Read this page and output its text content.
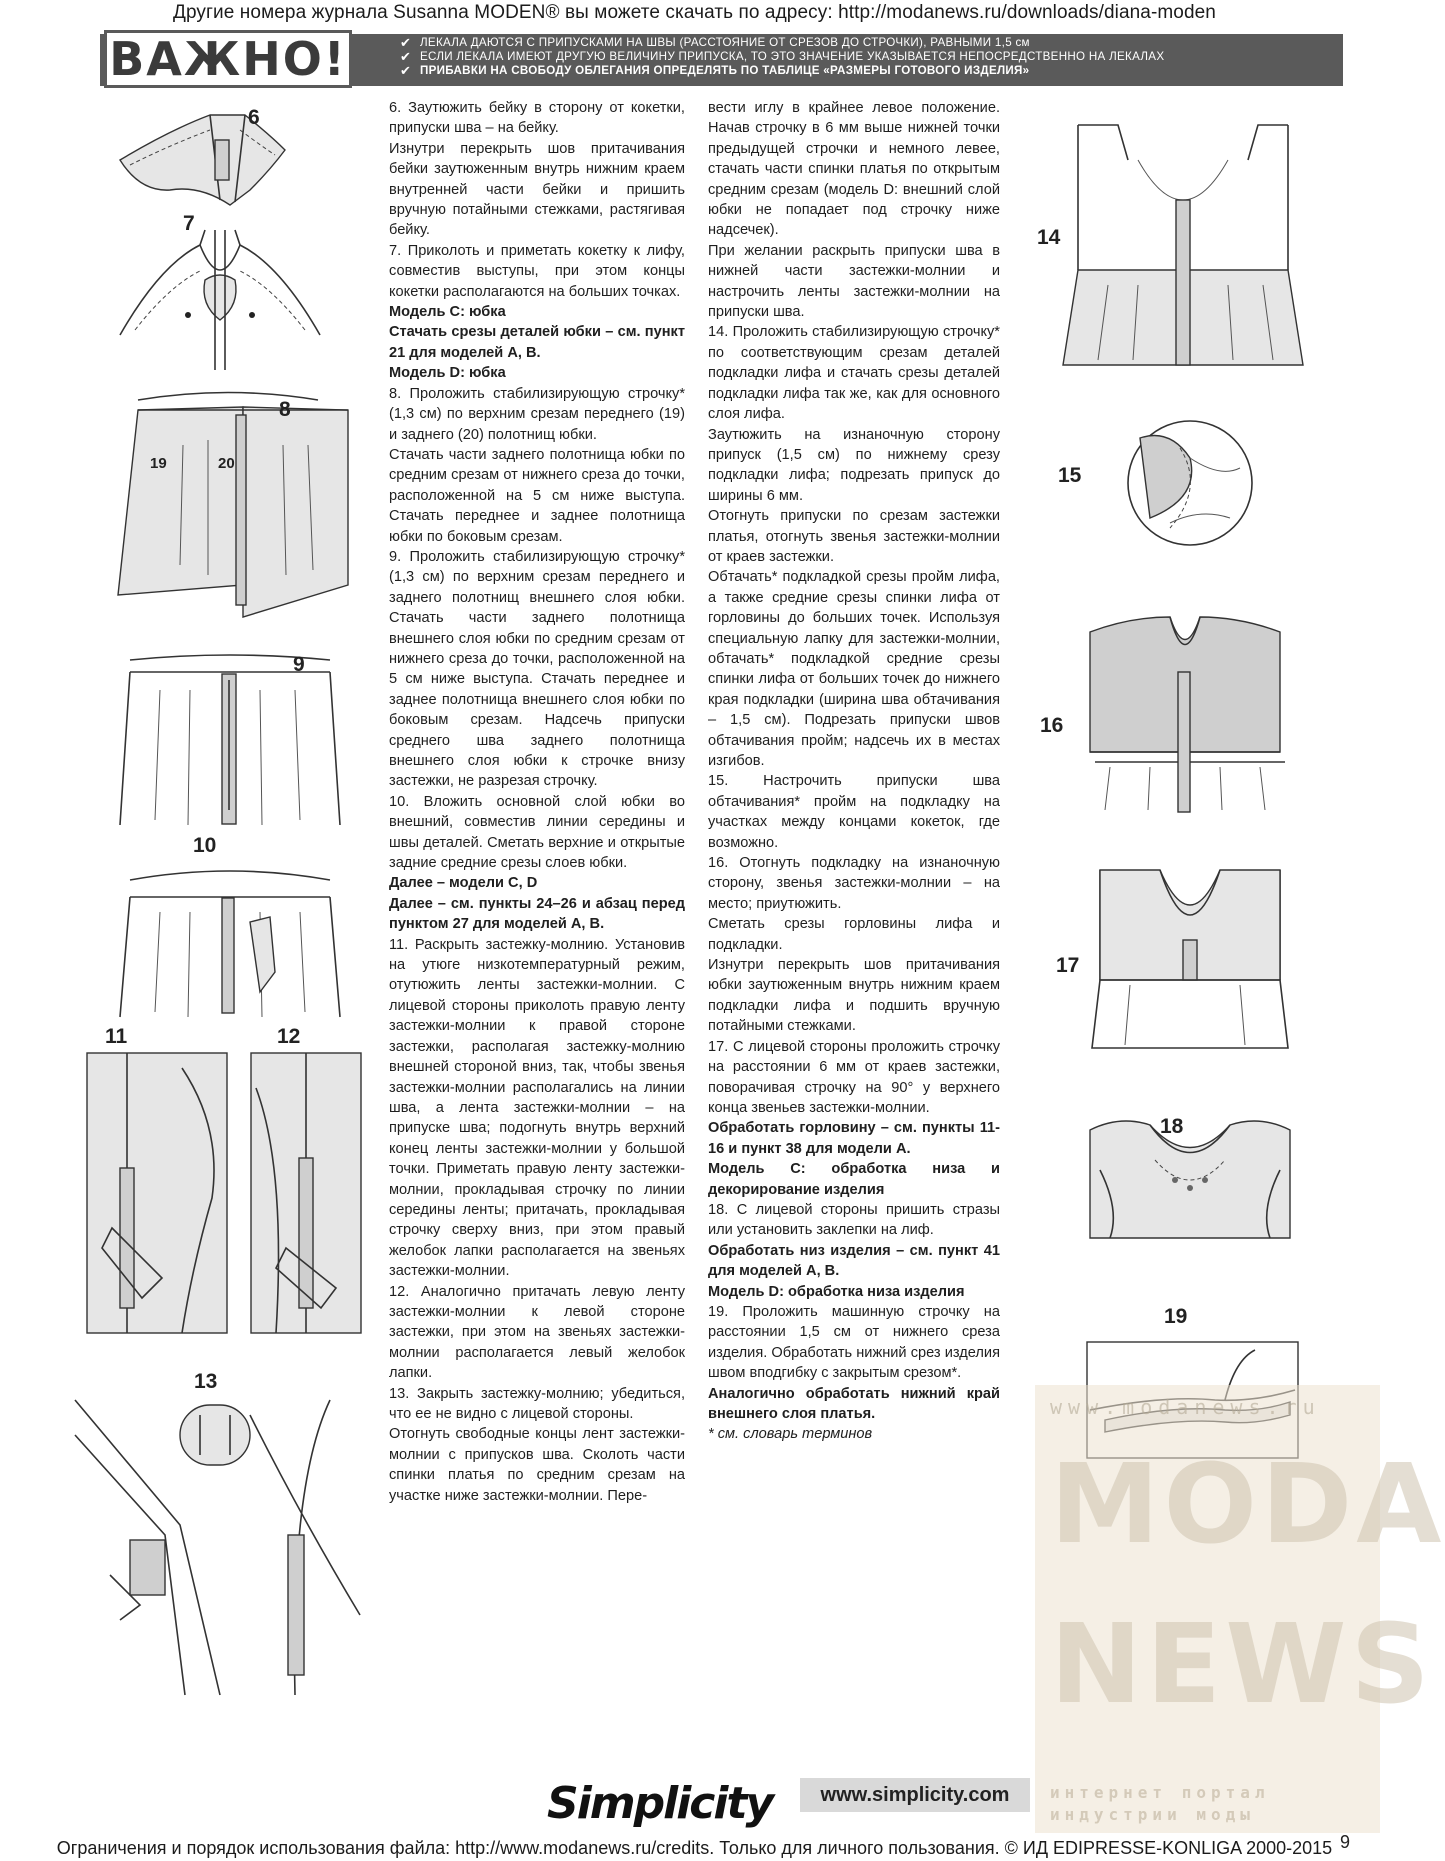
Другие номера журнала Susanna MODEN® вы можете скачать по адресу: http://modanews.ru/downloads/diana-moden
ВАЖНО!	✔ ЛЕКАЛА ДАЮТСЯ С ПРИПУСКАМИ НА ШВЫ (РАССТОЯНИЕ ОТ СРЕЗОВ ДО СТРОЧКИ), РАВНЫМИ 1,5 см
✔ ЕСЛИ ЛЕКАЛА ИМЕЮТ ДРУГУЮ ВЕЛИЧИНУ ПРИПУСКА, ТО ЭТО ЗНАЧЕНИЕ УКАЗЫВАЕТСЯ НЕПОСРЕДСТВЕННО НА ЛЕКАЛАХ
✔ ПРИБАВКИ НА СВОБОДУ ОБЛЕГАНИЯ ОПРЕДЕЛЯТЬ ПО ТАБЛИЦЕ «РАЗМЕРЫ ГОТОВОГО ИЗДЕЛИЯ»
6
7
8
19	20
9
10
11	12
13

6. Заутюжить бейку в сторону от кокетки, припуски шва – на бейку.

Изнутри перекрыть шов притачивания бейки заутюженным внутрь нижним краем внутренней части бейки и пришить вручную потайными стежками, растягивая бейку.

7. Приколоть и приметать кокетку к лифу, совместив выступы, при этом концы кокетки располагаются на больших точках.

Модель С: юбка

Стачать срезы деталей юбки – см. пункт 21 для моделей А, В.

Модель D: юбка

8. Проложить стабилизирующую строчку* (1,3 см) по верхним срезам переднего (19) и заднего (20) полотнищ юбки.

Стачать части заднего полотнища юбки по средним срезам от нижнего среза до точки, расположенной на 5 см ниже выступа. Стачать переднее и заднее полотнища юбки по боковым срезам.

9. Проложить стабилизирующую строчку* (1,3 см) по верхним срезам переднего и заднего полотнищ внешнего слоя юбки. Стачать части заднего полотнища внешнего слоя юбки по средним срезам от нижнего среза до точки, расположенной на 5 см ниже выступа. Стачать переднее и заднее полотнища внешнего слоя юбки по боковым срезам. Надсечь припуски среднего шва заднего полотнища внешнего слоя юбки к строчке внизу застежки, не разрезая строчку.

10. Вложить основной слой юбки во внешний, совместив линии середины и швы деталей. Сметать верхние и открытые задние средние срезы слоев юбки.

Далее – модели С, D

Далее – см. пункты 24–26 и абзац перед пунктом 27 для моделей А, В.

11. Раскрыть застежку-молнию. Установив на утюге низкотемпературный режим, отутюжить ленты застежки-молнии. С лицевой стороны приколоть правую ленту застежки-молнии к правой стороне застежки, располагая застежку-молнию внешней стороной вниз, так, чтобы звенья застежки-молнии располагались на линии шва, а лента застежки-молнии – на припуске шва; подогнуть внутрь верхний конец ленты застежки-молнии у большой точки. Приметать правую ленту застежки-молнии, прокладывая строчку по линии середины ленты; притачать, прокладывая строчку сверху вниз, при этом правый желобок лапки располагается на звеньях застежки-молнии.

12. Аналогично притачать левую ленту застежки-молнии к левой стороне застежки, при этом на звеньях застежки-молнии располагается левый желобок лапки.

13. Закрыть застежку-молнию; убедиться, что ее не видно с лицевой стороны.

Отогнуть свободные концы лент застежки-молнии с припусков шва. Сколоть части спинки платья по средним срезам на участке ниже застежки-молнии. Пере-

вести иглу в крайнее левое положение. Начав строчку в 6 мм выше нижней точки предыдущей строчки и немного левее, стачать части спинки платья по открытым средним срезам (модель D: внешний слой юбки не попадает под строчку ниже надсечек).

При желании раскрыть припуски шва в нижней части застежки-молнии и настрочить ленты застежки-молнии на припуски шва.

14. Проложить стабилизирующую строчку* по соответствующим срезам деталей подкладки лифа и стачать срезы деталей подкладки лифа так же, как для основного слоя лифа.

Заутюжить на изнаночную сторону припуск (1,5 см) по нижнему срезу подкладки лифа; подрезать припуск до ширины 6 мм.

Отогнуть припуски по срезам застежки платья, отогнуть звенья застежки-молнии от краев застежки.

Обтачать* подкладкой срезы пройм лифа, а также средние срезы спинки лифа от горловины до больших точек. Используя специальную лапку для застежки-молнии, обтачать* подкладкой средние срезы спинки лифа от больших точек до нижнего края подкладки (ширина шва обтачивания – 1,5 см). Подрезать припуски швов обтачивания пройм; надсечь их в местах изгибов.

15. Настрочить припуски шва обтачивания* пройм на подкладку на участках между концами кокеток, где возможно.

16. Отогнуть подкладку на изнаночную сторону, звенья застежки-молнии – на место; приутюжить.

Сметать срезы горловины лифа и подкладки.

Изнутри перекрыть шов притачивания юбки заутюженным внутрь нижним краем подкладки лифа и подшить вручную потайными стежками.

17. С лицевой стороны проложить строчку на расстоянии 6 мм от краев застежки, поворачивая строчку на 90° у верхнего конца звеньев застежки-молнии.

Обработать горловину – см. пункты 11-16 и пункт 38 для модели А.

Модель С: обработка низа и декорирование изделия

18. С лицевой стороны пришить стразы или установить заклепки на лиф.

Обработать низ изделия – см. пункт 41 для моделей А, В.

Модель D: обработка низа изделия

19. Проложить машинную строчку на расстоянии 1,5 см от нижнего среза изделия. Обработать нижний срез изделия швом вподгибку с закрытым срезом*.

Аналогично обработать нижний край внешнего слоя платья.

* см. словарь терминов

14
15
16
17
18
19
www.modanews.ru
MODA
NEWS
интернет портал индустрии моды
Simplicity www.simplicity.com
9
Ограничения и порядок использования файла: http://www.modanews.ru/credits. Только для личного пользования. © ИД EDIPRESSE-KONLIGA 2000-2015
